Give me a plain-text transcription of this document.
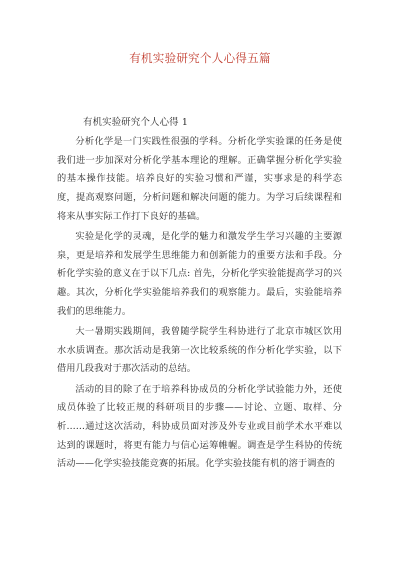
有机实验研究个人心得五篇
有机实验研究个人心得 1

分析化学是一门实践性很强的学科。分析化学实验课的任务是使我们进一步加深对分析化学基本理论的理解。正确掌握分析化学实验的基本操作技能。培养良好的实验习惯和严谨，实事求是的科学态度，提高观察问题，分析问题和解决问题的能力。为学习后续课程和将来从事实际工作打下良好的基础。

实验是化学的灵魂，是化学的魅力和激发学生学习兴趣的主要源泉，更是培养和发展学生思维能力和创新能力的重要方法和手段。分析化学实验的意义在于以下几点: 首先，分析化学实验能提高学习的兴趣。其次，分析化学实验能培养我们的观察能力。最后，实验能培养我们的思维能力。

大一暑期实践期间，我曾随学院学生科协进行了北京市城区饮用水水质调查。那次活动是我第一次比较系统的作分析化学实验，以下借用几段我对于那次活动的总结。

活动的目的除了在于培养科协成员的分析化学试验能力外，还使成员体验了比较正规的科研项目的步骤——讨论、立题、取样、分析……通过这次活动，科协成员面对涉及外专业或目前学术水平难以达到的课题时，将更有能力与信心运筹帷幄。调查是学生科协的传统活动——化学实验技能竞赛的拓展。化学实验技能有机的溶于调查的
